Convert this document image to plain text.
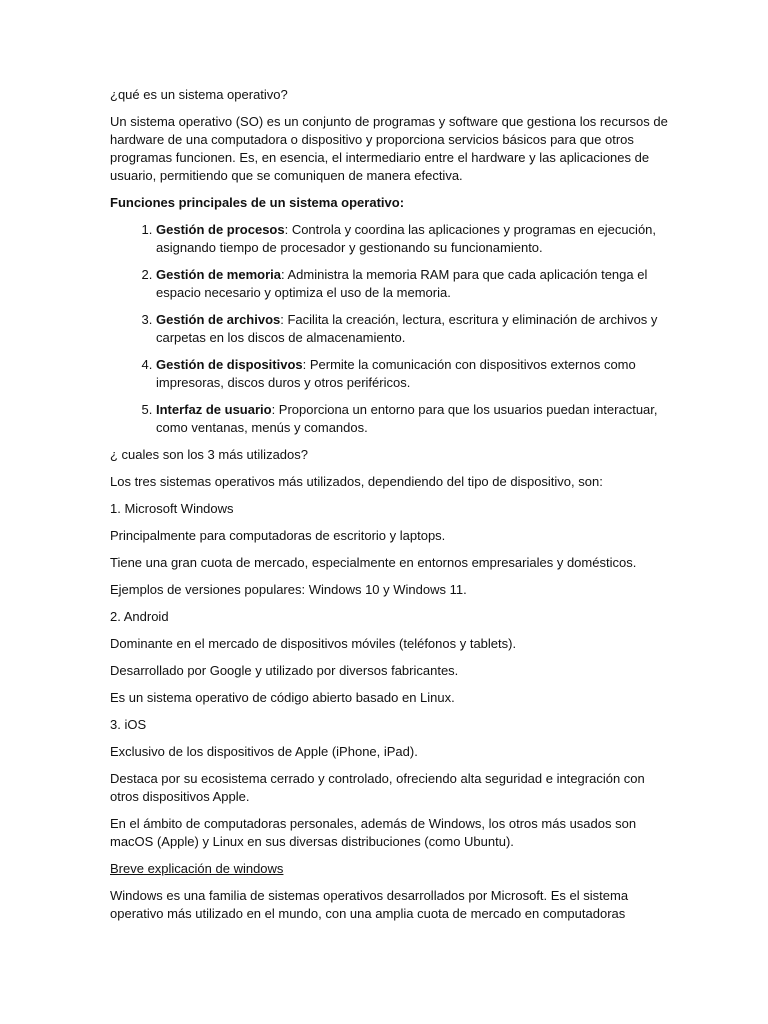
¿qué es un sistema operativo?

Un sistema operativo (SO) es un conjunto de programas y software que gestiona los recursos de hardware de una computadora o dispositivo y proporciona servicios básicos para que otros programas funcionen. Es, en esencia, el intermediario entre el hardware y las aplicaciones de usuario, permitiendo que se comuniquen de manera efectiva.

Funciones principales de un sistema operativo:

1. Gestión de procesos: Controla y coordina las aplicaciones y programas en ejecución, asignando tiempo de procesador y gestionando su funcionamiento.
2. Gestión de memoria: Administra la memoria RAM para que cada aplicación tenga el espacio necesario y optimiza el uso de la memoria.
3. Gestión de archivos: Facilita la creación, lectura, escritura y eliminación de archivos y carpetas en los discos de almacenamiento.
4. Gestión de dispositivos: Permite la comunicación con dispositivos externos como impresoras, discos duros y otros periféricos.
5. Interfaz de usuario: Proporciona un entorno para que los usuarios puedan interactuar, como ventanas, menús y comandos.

¿ cuales son los 3 más utilizados?

Los tres sistemas operativos más utilizados, dependiendo del tipo de dispositivo, son:

1. Microsoft Windows

Principalmente para computadoras de escritorio y laptops.

Tiene una gran cuota de mercado, especialmente en entornos empresariales y domésticos.

Ejemplos de versiones populares: Windows 10 y Windows 11.

2. Android

Dominante en el mercado de dispositivos móviles (teléfonos y tablets).

Desarrollado por Google y utilizado por diversos fabricantes.

Es un sistema operativo de código abierto basado en Linux.

3. iOS

Exclusivo de los dispositivos de Apple (iPhone, iPad).

Destaca por su ecosistema cerrado y controlado, ofreciendo alta seguridad e integración con otros dispositivos Apple.

En el ámbito de computadoras personales, además de Windows, los otros más usados son macOS (Apple) y Linux en sus diversas distribuciones (como Ubuntu).

Breve explicación de windows

Windows es una familia de sistemas operativos desarrollados por Microsoft. Es el sistema operativo más utilizado en el mundo, con una amplia cuota de mercado en computadoras
